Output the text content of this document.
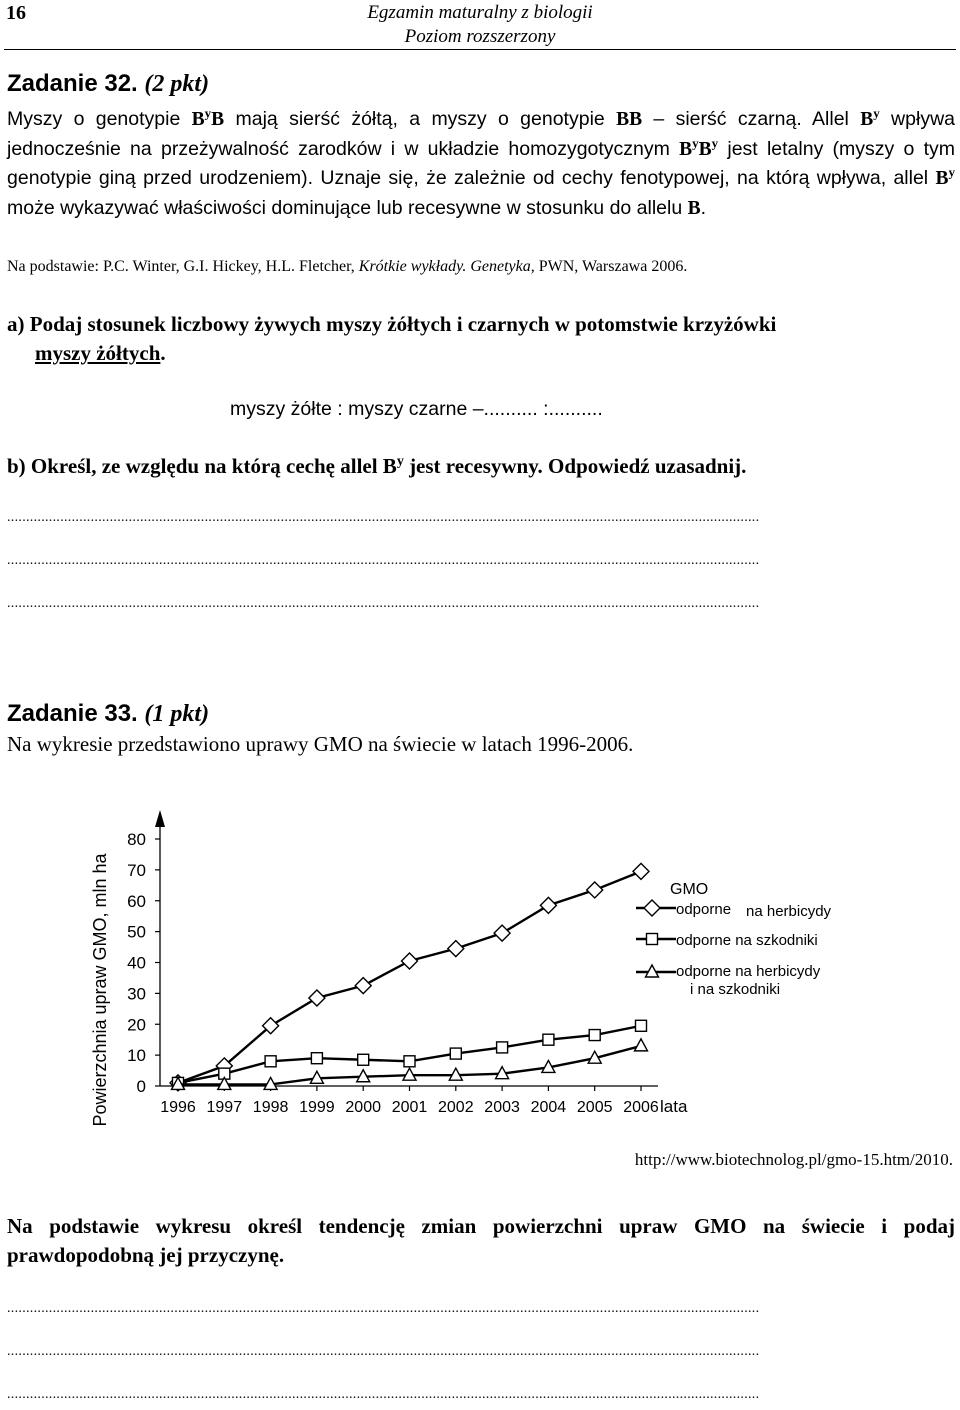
16	Egzamin maturalny z biologii
Poziom rozszerzony
Zadanie 32. (2 pkt)
Myszy o genotypie $B^yB$ mają sierść żółtą, a myszy o genotypie BB – sierść czarną. Allel $B^y$ wpływa jednocześnie na przeżywalność zarodków i w układzie homozygotycznym $B^yB^y$ jest letalny (myszy o tym genotypie giną przed urodzeniem). Uznaje się, że zależnie od cechy fenotypowej, na którą wpływa, allel $B^y$ może wykazywać właściwości dominujące lub recesywne w stosunku do allelu B.
Na podstawie: P.C. Winter, G.I. Hickey, H.L. Fletcher, Krótkie wykłady. Genetyka, PWN, Warszawa 2006.
a) Podaj stosunek liczbowy żywych myszy żółtych i czarnych w potomstwie krzyżówki
myszy żółtych.
myszy żółte : myszy czarne –.......... :..........
b) Określ, ze względu na którą cechę allel $B^y$ jest recesywny. Odpowiedź uzasadnij.
......................................................................................................................................................................................................
......................................................................................................................................................................................................
......................................................................................................................................................................................................
Zadanie 33. (1 pkt)
Na wykresie przedstawiono uprawy GMO na świecie w latach 1996-2006.
Powierzchnia upraw GMO, mln ha	lata
0
10
20
30
40
50
60
70
80
1996 1997 1998 1999 2000 2001 2002 2003 2004 2005 2006
GMO
odporne na herbicydy
odporne na szkodniki
odporne na herbicydy
i na szkodniki
http://www.biotechnolog.pl/gmo-15.htm/2010.
Na podstawie wykresu określ tendencję zmian powierzchni upraw GMO na świecie i podaj prawdopodobną jej przyczynę.
......................................................................................................................................................................................................
......................................................................................................................................................................................................
......................................................................................................................................................................................................
